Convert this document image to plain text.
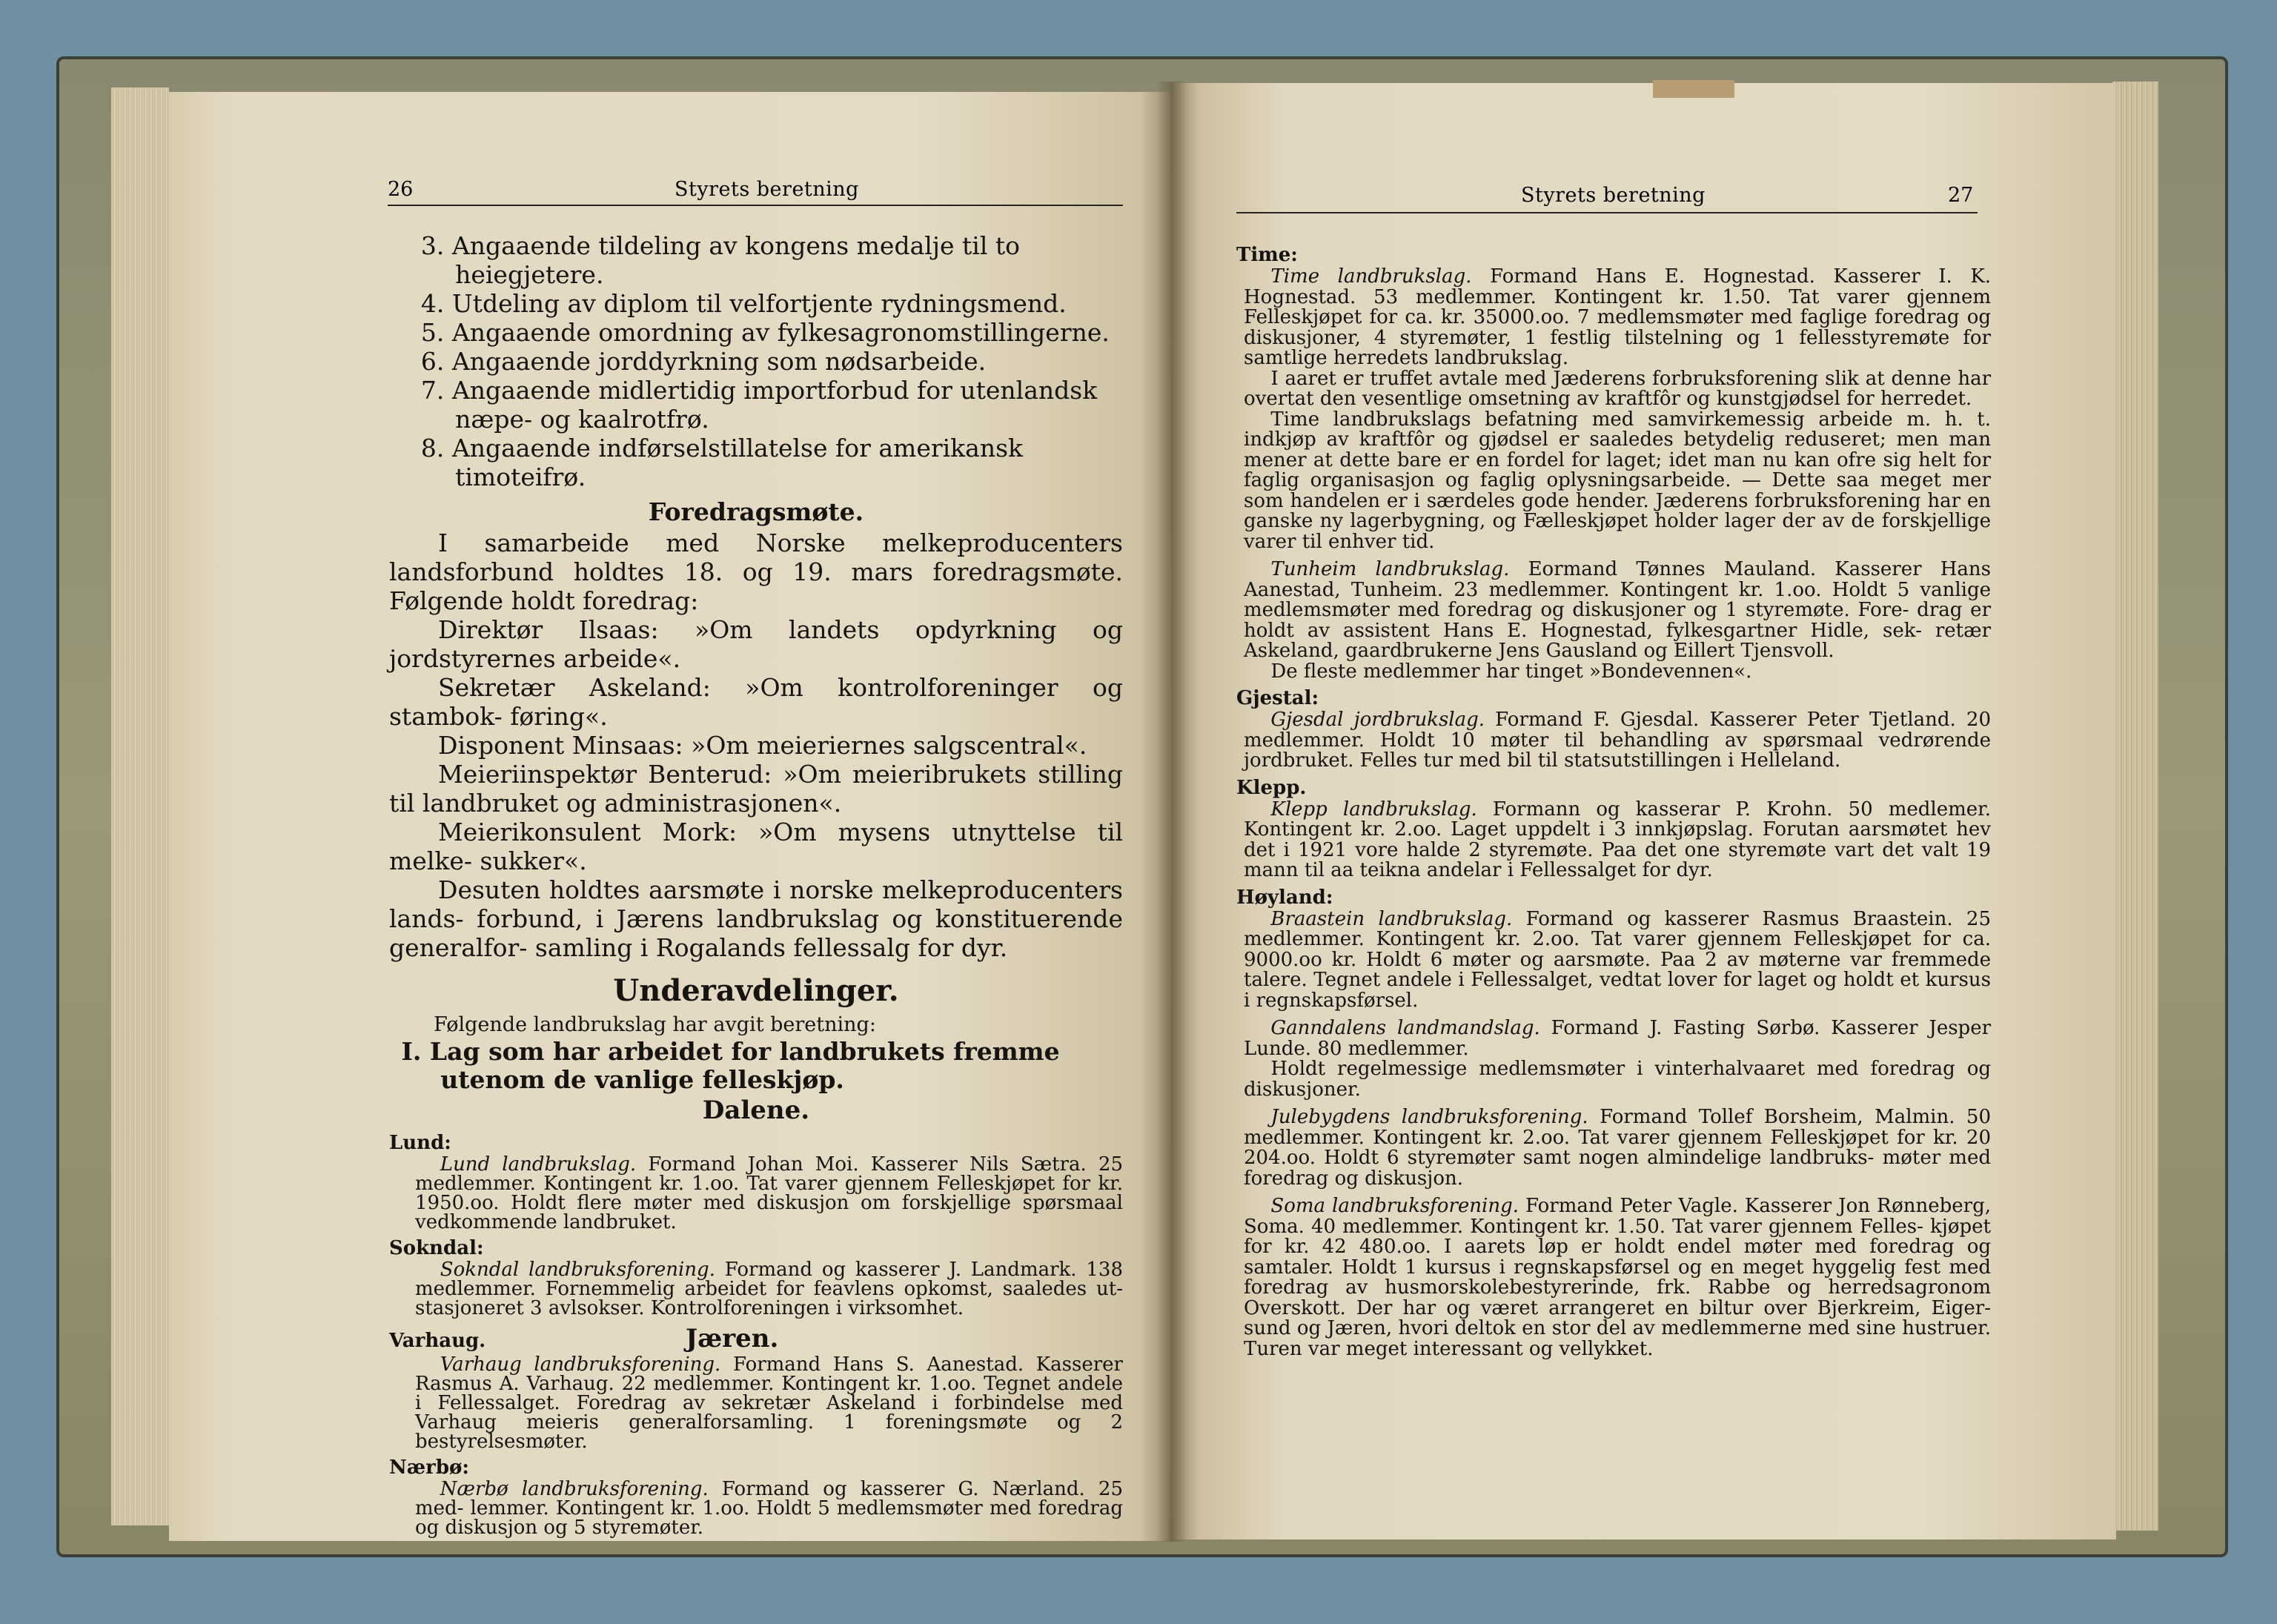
26	Styrets beretning	Styrets beretning	27

3. Angaaende tildeling av kongens medalje til to heiegjetere.

4. Utdeling av diplom til velfortjente rydningsmend.

5. Angaaende omordning av fylkesagronomstillingerne.

6. Angaaende jorddyrkning som nødsarbeide.

7. Angaaende midlertidig importforbud for utenlandsk næpe- og kaalrotfrø.

8. Angaaende indførselstillatelse for amerikansk timoteifrø.

Foredragsmøte.

I samarbeide med Norske melkeproducenters landsforbund holdtes 18. og 19. mars foredragsmøte. Følgende holdt foredrag:

Direktør Ilsaas: »Om landets opdyrkning og jordstyrernes arbeide«.

Sekretær Askeland: »Om kontrolforeninger og stambok- føring«.

Disponent Minsaas: »Om meieriernes salgscentral«.

Meieriinspektør Benterud: »Om meieribrukets stilling til landbruket og administrasjonen«.

Meierikonsulent Mork: »Om mysens utnyttelse til melke- sukker«.

Desuten holdtes aarsmøte i norske melkeproducenters lands- forbund, i Jærens landbrukslag og konstituerende generalfor- samling i Rogalands fellessalg for dyr.

Underavdelinger.

Følgende landbrukslag har avgit beretning:

I. Lag som har arbeidet for landbrukets fremme utenom de vanlige felleskjøp.

Dalene.

Lund:

Lund landbrukslag. Formand Johan Moi. Kasserer Nils Sætra. 25 medlemmer. Kontingent kr. 1.oo. Tat varer gjennem Felleskjøpet for kr. 1950.oo. Holdt flere møter med diskusjon om forskjellige spørsmaal vedkommende landbruket.

Sokndal:

Sokndal landbruksforening. Formand og kasserer J. Landmark. 138 medlemmer. Fornemmelig arbeidet for feavlens opkomst, saaledes ut- stasjoneret 3 avlsokser. Kontrolforeningen i virksomhet.

Varhaug.	Jæren.

Varhaug landbruksforening. Formand Hans S. Aanestad. Kasserer Rasmus A. Varhaug. 22 medlemmer. Kontingent kr. 1.oo. Tegnet andele i Fellessalget. Foredrag av sekretær Askeland i forbindelse med Varhaug meieris generalforsamling. 1 foreningsmøte og 2 bestyrelsesmøter.

Nærbø:

Nærbø landbruksforening. Formand og kasserer G. Nærland. 25 med- lemmer. Kontingent kr. 1.oo. Holdt 5 medlemsmøter med foredrag og diskusjon og 5 styremøter.

Time:

Time landbrukslag. Formand Hans E. Hognestad. Kasserer I. K. Hognestad. 53 medlemmer. Kontingent kr. 1.50. Tat varer gjennem Felleskjøpet for ca. kr. 35000.oo. 7 medlemsmøter med faglige foredrag og diskusjoner, 4 styremøter, 1 festlig tilstelning og 1 fellesstyremøte for samtlige herredets landbrukslag.

I aaret er truffet avtale med Jæderens forbruksforening slik at denne har overtat den vesentlige omsetning av kraftfôr og kunstgjødsel for herredet.

Time landbrukslags befatning med samvirkemessig arbeide m. h. t. indkjøp av kraftfôr og gjødsel er saaledes betydelig reduseret; men man mener at dette bare er en fordel for laget; idet man nu kan ofre sig helt for faglig organisasjon og faglig oplysningsarbeide. — Dette saa meget mer som handelen er i særdeles gode hender. Jæderens forbruksforening har en ganske ny lagerbygning, og Fælleskjøpet holder lager der av de forskjellige varer til enhver tid.

Tunheim landbrukslag. Eormand Tønnes Mauland. Kasserer Hans Aanestad, Tunheim. 23 medlemmer. Kontingent kr. 1.oo. Holdt 5 vanlige medlemsmøter med foredrag og diskusjoner og 1 styremøte. Fore- drag er holdt av assistent Hans E. Hognestad, fylkesgartner Hidle, sek- retær Askeland, gaardbrukerne Jens Gausland og Eillert Tjensvoll.

De fleste medlemmer har tinget »Bondevennen«.

Gjestal:

Gjesdal jordbrukslag. Formand F. Gjesdal. Kasserer Peter Tjetland. 20 medlemmer. Holdt 10 møter til behandling av spørsmaal vedrørende jordbruket. Felles tur med bil til statsutstillingen i Helleland.

Klepp.

Klepp landbrukslag. Formann og kasserar P. Krohn. 50 medlemer. Kontingent kr. 2.oo. Laget uppdelt i 3 innkjøpslag. Forutan aarsmøtet hev det i 1921 vore halde 2 styremøte. Paa det one styremøte vart det valt 19 mann til aa teikna andelar i Fellessalget for dyr.

Høyland:

Braastein landbrukslag. Formand og kasserer Rasmus Braastein. 25 medlemmer. Kontingent kr. 2.oo. Tat varer gjennem Felleskjøpet for ca. 9000.oo kr. Holdt 6 møter og aarsmøte. Paa 2 av møterne var fremmede talere. Tegnet andele i Fellessalget, vedtat lover for laget og holdt et kursus i regnskapsførsel.

Ganndalens landmandslag. Formand J. Fasting Sørbø. Kasserer Jesper Lunde. 80 medlemmer.

Holdt regelmessige medlemsmøter i vinterhalvaaret med foredrag og diskusjoner.

Julebygdens landbruksforening. Formand Tollef Borsheim, Malmin. 50 medlemmer. Kontingent kr. 2.oo. Tat varer gjennem Felleskjøpet for kr. 20 204.oo. Holdt 6 styremøter samt nogen almindelige landbruks- møter med foredrag og diskusjon.

Soma landbruksforening. Formand Peter Vagle. Kasserer Jon Rønneberg, Soma. 40 medlemmer. Kontingent kr. 1.50. Tat varer gjennem Felles- kjøpet for kr. 42 480.oo. I aarets løp er holdt endel møter med foredrag og samtaler. Holdt 1 kursus i regnskapsførsel og en meget hyggelig fest med foredrag av husmorskolebestyrerinde, frk. Rabbe og herredsagronom Overskott. Der har og været arrangeret en biltur over Bjerkreim, Eiger- sund og Jæren, hvori deltok en stor del av medlemmerne med sine hustruer. Turen var meget interessant og vellykket.
